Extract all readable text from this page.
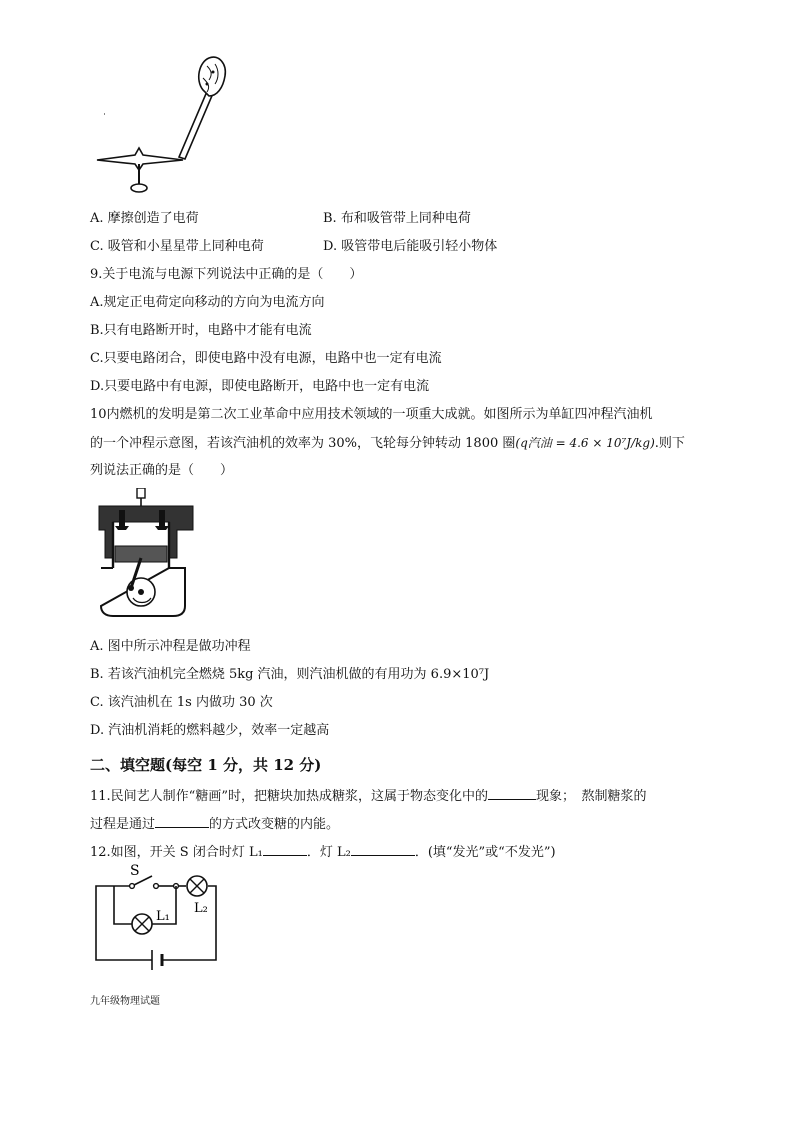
A. 摩擦创造了电荷	B. 布和吸管带上同种电荷
C. 吸管和小星星带上同种电荷	D. 吸管带电后能吸引轻小物体
9.关于电流与电源下列说法中正确的是（　　）
A.规定正电荷定向移动的方向为电流方向
B.只有电路断开时，电路中才能有电流
C.只要电路闭合，即使电路中没有电源，电路中也一定有电流
D.只要电路中有电源，即使电路断开，电路中也一定有电流
10内燃机的发明是第二次工业革命中应用技术领域的一项重大成就。如图所示为单缸四冲程汽油机
的一个冲程示意图，若该汽油机的效率为 30%，飞轮每分钟转动 1800 圈(q汽油 = 4.6 × 10⁷J/kg).则下
列说法正确的是（　　）
A. 图中所示冲程是做功冲程
B. 若该汽油机完全燃烧 5kg 汽油，则汽油机做的有用功为 6.9×10⁷J
C. 该汽油机在 1s 内做功 30 次
D. 汽油机消耗的燃料越少，效率一定越高
二、填空题(每空 1 分，共 12 分)
11.民间艺人制作“糖画”时，把糖块加热成糖浆，这属于物态变化中的	现象；　熬制糖浆的
过程是通过	的方式改变糖的内能。
12.如图，开关 S 闭合时灯 L₁	．灯 L₂	．(填“发光”或“不发光”)
S
L₂
L₁
九年级物理试题
